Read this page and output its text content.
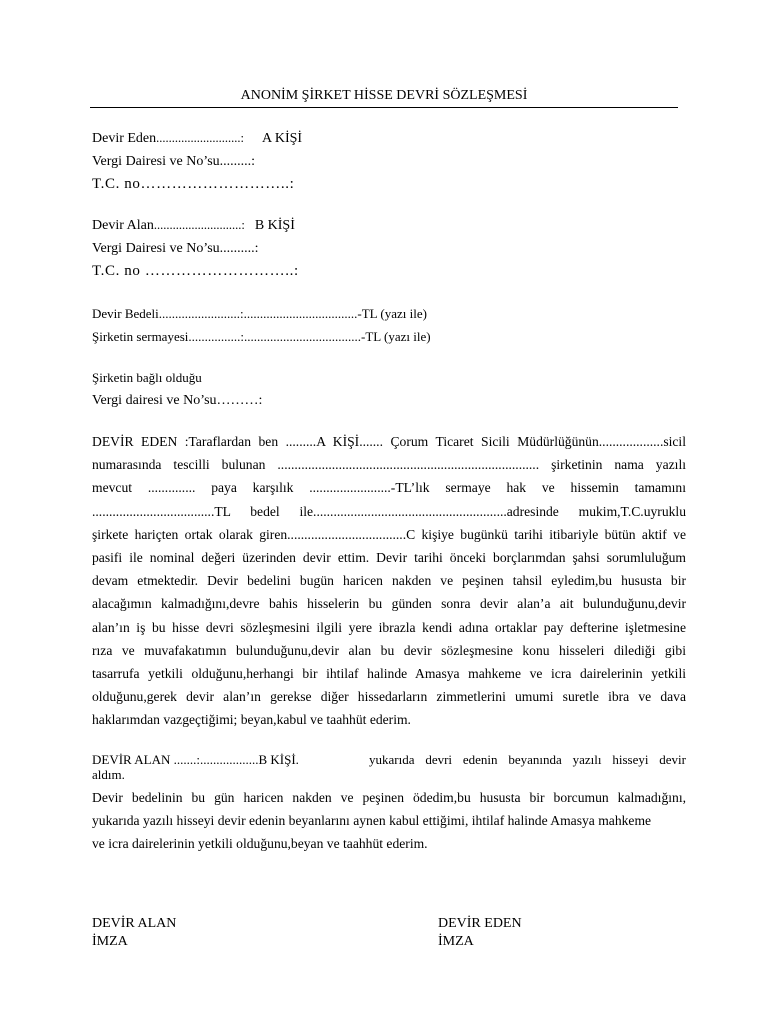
ANONİM ŞİRKET HİSSE DEVRİ SÖZLEŞMESİ
Devir Eden...........................: A KİŞİ
Vergi Dairesi ve No’su.........:
T.C. no………………………..:
Devir Alan............................: B KİŞİ
Vergi Dairesi ve No’su..........:
T.C. no ………………………..:
Devir Bedeli.........................:...................................-TL (yazı ile)
Şirketin sermayesi................:....................................-TL (yazı ile)
Şirketin bağlı olduğu
Vergi dairesi ve No’su………:
DEVİR EDEN :Taraflardan ben .........A KİŞİ....... Çorum Ticaret Sicili Müdürlüğünün...................sicil
numarasında tescilli bulunan ............................................................................. şirketinin nama yazılı
mevcut .............. paya karşılık ........................-TL’lık sermaye hak ve hissemin tamamını
....................................TL bedel ile.........................................................adresinde mukim,T.C.uyruklu
şirkete hariçten ortak olarak giren...................................C kişiye bugünkü tarihi itibariyle bütün aktif ve
pasifi ile nominal değeri üzerinden devir ettim. Devir tarihi önceki borçlarımdan şahsi sorumluluğum
devam etmektedir. Devir bedelini bugün haricen nakden ve peşinen tahsil eyledim,bu hususta bir
alacağımın kalmadığını,devre bahis hisselerin bu günden sonra devir alan’a ait bulunduğunu,devir
alan’ın iş bu hisse devri sözleşmesini ilgili yere ibrazla kendi adına ortaklar pay defterine işletmesine
rıza ve muvafakatımın bulunduğunu,devir alan bu devir sözleşmesine konu hisseleri dilediği gibi
tasarrufa yetkili olduğunu,herhangi bir ihtilaf halinde Amasya mahkeme ve icra dairelerinin yetkili
olduğunu,gerek devir alan’ın gerekse diğer hissedarların zimmetlerini umumi suretle ibra ve dava
haklarımdan vazgeçtiğimi; beyan,kabul ve taahhüt ederim.
DEVİR ALAN .......:..................B KİŞİ.	yukarıda devri edenin beyanında yazılı hisseyi devir
aldım.
Devir bedelinin bu gün haricen nakden ve peşinen ödedim,bu hususta bir borcumun kalmadığını,
yukarıda yazılı hisseyi devir edenin beyanlarını aynen kabul ettiğimi, ihtilaf halinde Amasya mahkeme
ve icra dairelerinin yetkili olduğunu,beyan ve taahhüt ederim.
DEVİR ALAN
İMZA
DEVİR EDEN
İMZA
